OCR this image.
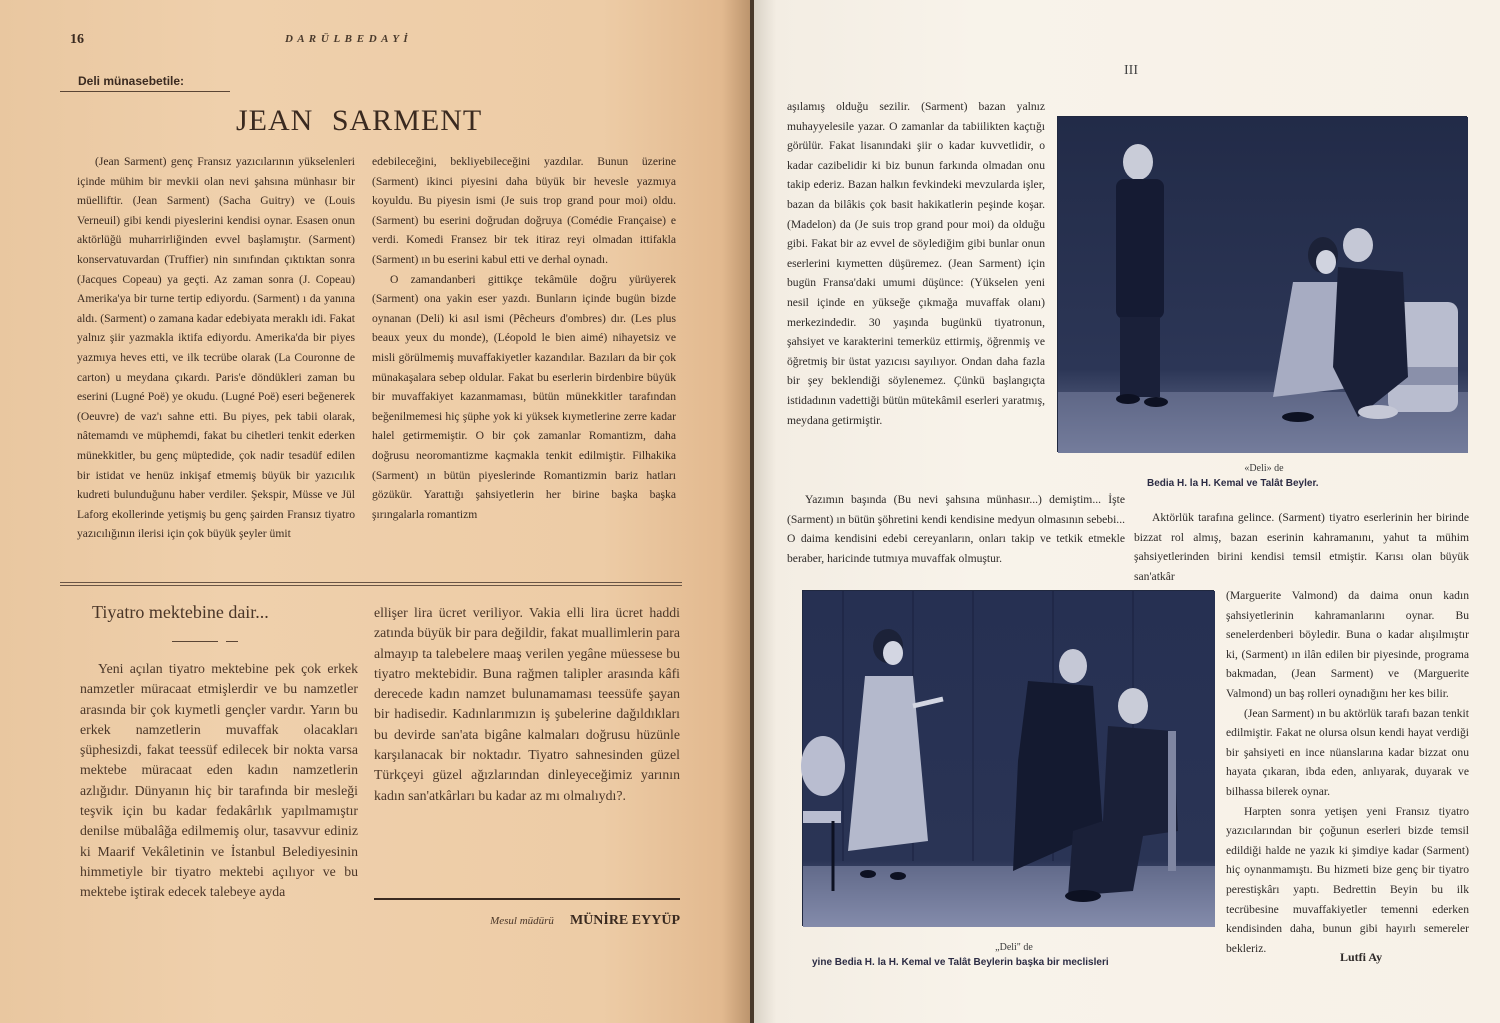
16	D A R Ü L B E D A Y İ
Deli münasebetile:
JEAN SARMENT

(Jean Sarment) genç Fransız yazıcılarının yükselenleri içinde mühim bir mevkii olan nevi şahsına münhasır bir müelliftir. (Jean Sarment) (Sacha Guitry) ve (Louis Verneuil) gibi kendi piyeslerini kendisi oynar. Esasen onun aktörlüğü muharrirliğinden evvel başlamıştır. (Sarment) konservatuvardan (Truffier) nin sınıfından çıktıktan sonra (Jacques Copeau) ya geçti. Az zaman sonra (J. Copeau) Amerika'ya bir turne tertip ediyordu. (Sarment) ı da yanına aldı. (Sarment) o zamana kadar edebiyata meraklı idi. Fakat yalnız şiir yazmakla iktifa ediyordu. Amerika'da bir piyes yazmıya heves etti, ve ilk tecrübe olarak (La Couronne de carton) u meydana çıkardı. Paris'e döndükleri zaman bu eserini (Lugné Poë) ye okudu. (Lugné Poë) eseri beğenerek (Oeuvre) de vaz'ı sahne etti. Bu piyes, pek tabii olarak, nâtemamdı ve müphemdi, fakat bu cihetleri tenkit ederken münekkitler, bu genç müptedide, çok nadir tesadüf edilen bir istidat ve henüz inkişaf etmemiş büyük bir yazıcılık kudreti bulunduğunu haber verdiler. Şekspir, Müsse ve Jül Laforg ekollerinde yetişmiş bu genç şairden Fransız tiyatro yazıcılığının ilerisi için çok büyük şeyler ümit

edebileceğini, bekliyebileceğini yazdılar. Bunun üzerine (Sarment) ikinci piyesini daha büyük bir hevesle yazmıya koyuldu. Bu piyesin ismi (Je suis trop grand pour moi) oldu. (Sarment) bu eserini doğrudan doğruya (Comédie Française) e verdi. Komedi Fransez bir tek itiraz reyi olmadan ittifakla (Sarment) ın bu eserini kabul etti ve derhal oynadı.

O zamandanberi gittikçe tekâmüle doğru yürüyerek (Sarment) ona yakin eser yazdı. Bunların içinde bugün bizde oynanan (Deli) ki asıl ismi (Pêcheurs d'ombres) dır. (Les plus beaux yeux du monde), (Léopold le bien aimé) nihayetsiz ve misli görülmemiş muvaffakiyetler kazandılar. Bazıları da bir çok münakaşalara sebep oldular. Fakat bu eserlerin birdenbire büyük bir muvaffakiyet kazanmaması, bütün münekkitler tarafından beğenilmemesi hiç şüphe yok ki yüksek kıymetlerine zerre kadar halel getirmemiştir. O bir çok zamanlar Romantizm, daha doğrusu neoromantizme kaçmakla tenkit edilmiştir. Filhakika (Sarment) ın bütün piyeslerinde Romantizmin bariz hatları gözükür. Yarattığı şahsiyetlerin her birine başka başka şırıngalarla romantizm

Tiyatro mektebine dair...

Yeni açılan tiyatro mektebine pek çok erkek namzetler müracaat etmişlerdir ve bu namzetler arasında bir çok kıymetli gençler vardır. Yarın bu erkek namzetlerin muvaffak olacakları şüphesizdi, fakat teessüf edilecek bir nokta varsa mektebe müracaat eden kadın namzetlerin azlığıdır. Dünyanın hiç bir tarafında bir mesleği teşvik için bu kadar fedakârlık yapılmamıştır denilse mübalâğa edilmemiş olur, tasavvur ediniz ki Maarif Vekâletinin ve İstanbul Belediyesinin himmetiyle bir tiyatro mektebi açılıyor ve bu mektebe iştirak edecek talebeye ayda

ellişer lira ücret veriliyor. Vakia elli lira ücret haddi zatında büyük bir para değildir, fakat muallimlerin para almayıp ta talebelere maaş verilen yegâne müessese bu tiyatro mektebidir. Buna rağmen talipler arasında kâfi derecede kadın namzet bulunamaması teessüfe şayan bir hadisedir. Kadınlarımızın iş şubelerine dağıldıkları bu devirde san'ata bigâne kalmaları doğrusu hüzünle karşılanacak bir noktadır. Tiyatro sahnesinden güzel Türkçeyi güzel ağızlarından dinleyeceğimiz yarının kadın san'atkârları bu kadar az mı olmalıydı?.

Mesul müdürü MÜNİRE EYYÜP
III

aşılamış olduğu sezilir. (Sarment) bazan yalnız muhayyelesile yazar. O zamanlar da tabiilikten kaçtığı görülür. Fakat lisanındaki şiir o kadar kuvvetlidir, o kadar cazibelidir ki biz bunun farkında olmadan onu takip ederiz. Bazan halkın fevkindeki mevzularda işler, bazan da bilâkis çok basit hakikatlerin peşinde koşar. (Madelon) da (Je suis trop grand pour moi) da olduğu gibi. Fakat bir az evvel de söylediğim gibi bunlar onun eserlerini kıymetten düşüremez. (Jean Sarment) için bugün Fransa'daki umumi düşünce: (Yükselen yeni nesil içinde en yükseğe çıkmağa muvaffak olanı) merkezindedir. 30 yaşında bugünkü tiyatronun, şahsiyet ve karakterini temerküz ettirmiş, öğrenmiş ve öğretmiş bir üstat yazıcısı sayılıyor. Ondan daha fazla bir şey beklendiği söylenemez. Çünkü başlangıçta istidadının vadettiği bütün mütekâmil eserleri yaratmış, meydana getirmiştir.

«Deli» de
Bedia H. la H. Kemal ve Talât Beyler.

Yazımın başında (Bu nevi şahsına münhasır...) demiştim... İşte (Sarment) ın bütün şöhretini kendi kendisine medyun olmasının sebebi... O daima kendisini edebi cereyanların, onları takip ve tetkik etmekle beraber, haricinde tutmıya muvaffak olmuştur.

Aktörlük tarafına gelince. (Sarment) tiyatro eserlerinin her birinde bizzat rol almış, bazan eserinin kahramanını, yahut ta mühim şahsiyetlerinden birini kendisi temsil etmiştir. Karısı olan büyük san'atkâr

(Marguerite Valmond) da daima onun kadın şahsiyetlerinin kahramanlarını oynar. Bu senelerdenberi böyledir. Buna o kadar alışılmıştır ki, (Sarment) ın ilân edilen bir piyesinde, programa bakmadan, (Jean Sarment) ve (Marguerite Valmond) un baş rolleri oynadığını her kes bilir.

(Jean Sarment) ın bu aktörlük tarafı bazan tenkit edilmiştir. Fakat ne olursa olsun kendi hayat verdiği bir şahsiyeti en ince nüanslarına kadar bizzat onu hayata çıkaran, ibda eden, anlıyarak, duyarak ve bilhassa bilerek oynar.

Harpten sonra yetişen yeni Fransız tiyatro yazıcılarından bir çoğunun eserleri bizde temsil edildiği halde ne yazık ki şimdiye kadar (Sarment) hiç oynanmamıştı. Bu hizmeti bize genç bir tiyatro perestişkârı yaptı. Bedrettin Beyin bu ilk tecrübesine muvaffakiyetler temenni ederken kendisinden daha, bunun gibi hayırlı semereler bekleriz.

Lutfi Ay
„Deli" de
yine Bedia H. la H. Kemal ve Talât Beylerin başka bir meclisleri
